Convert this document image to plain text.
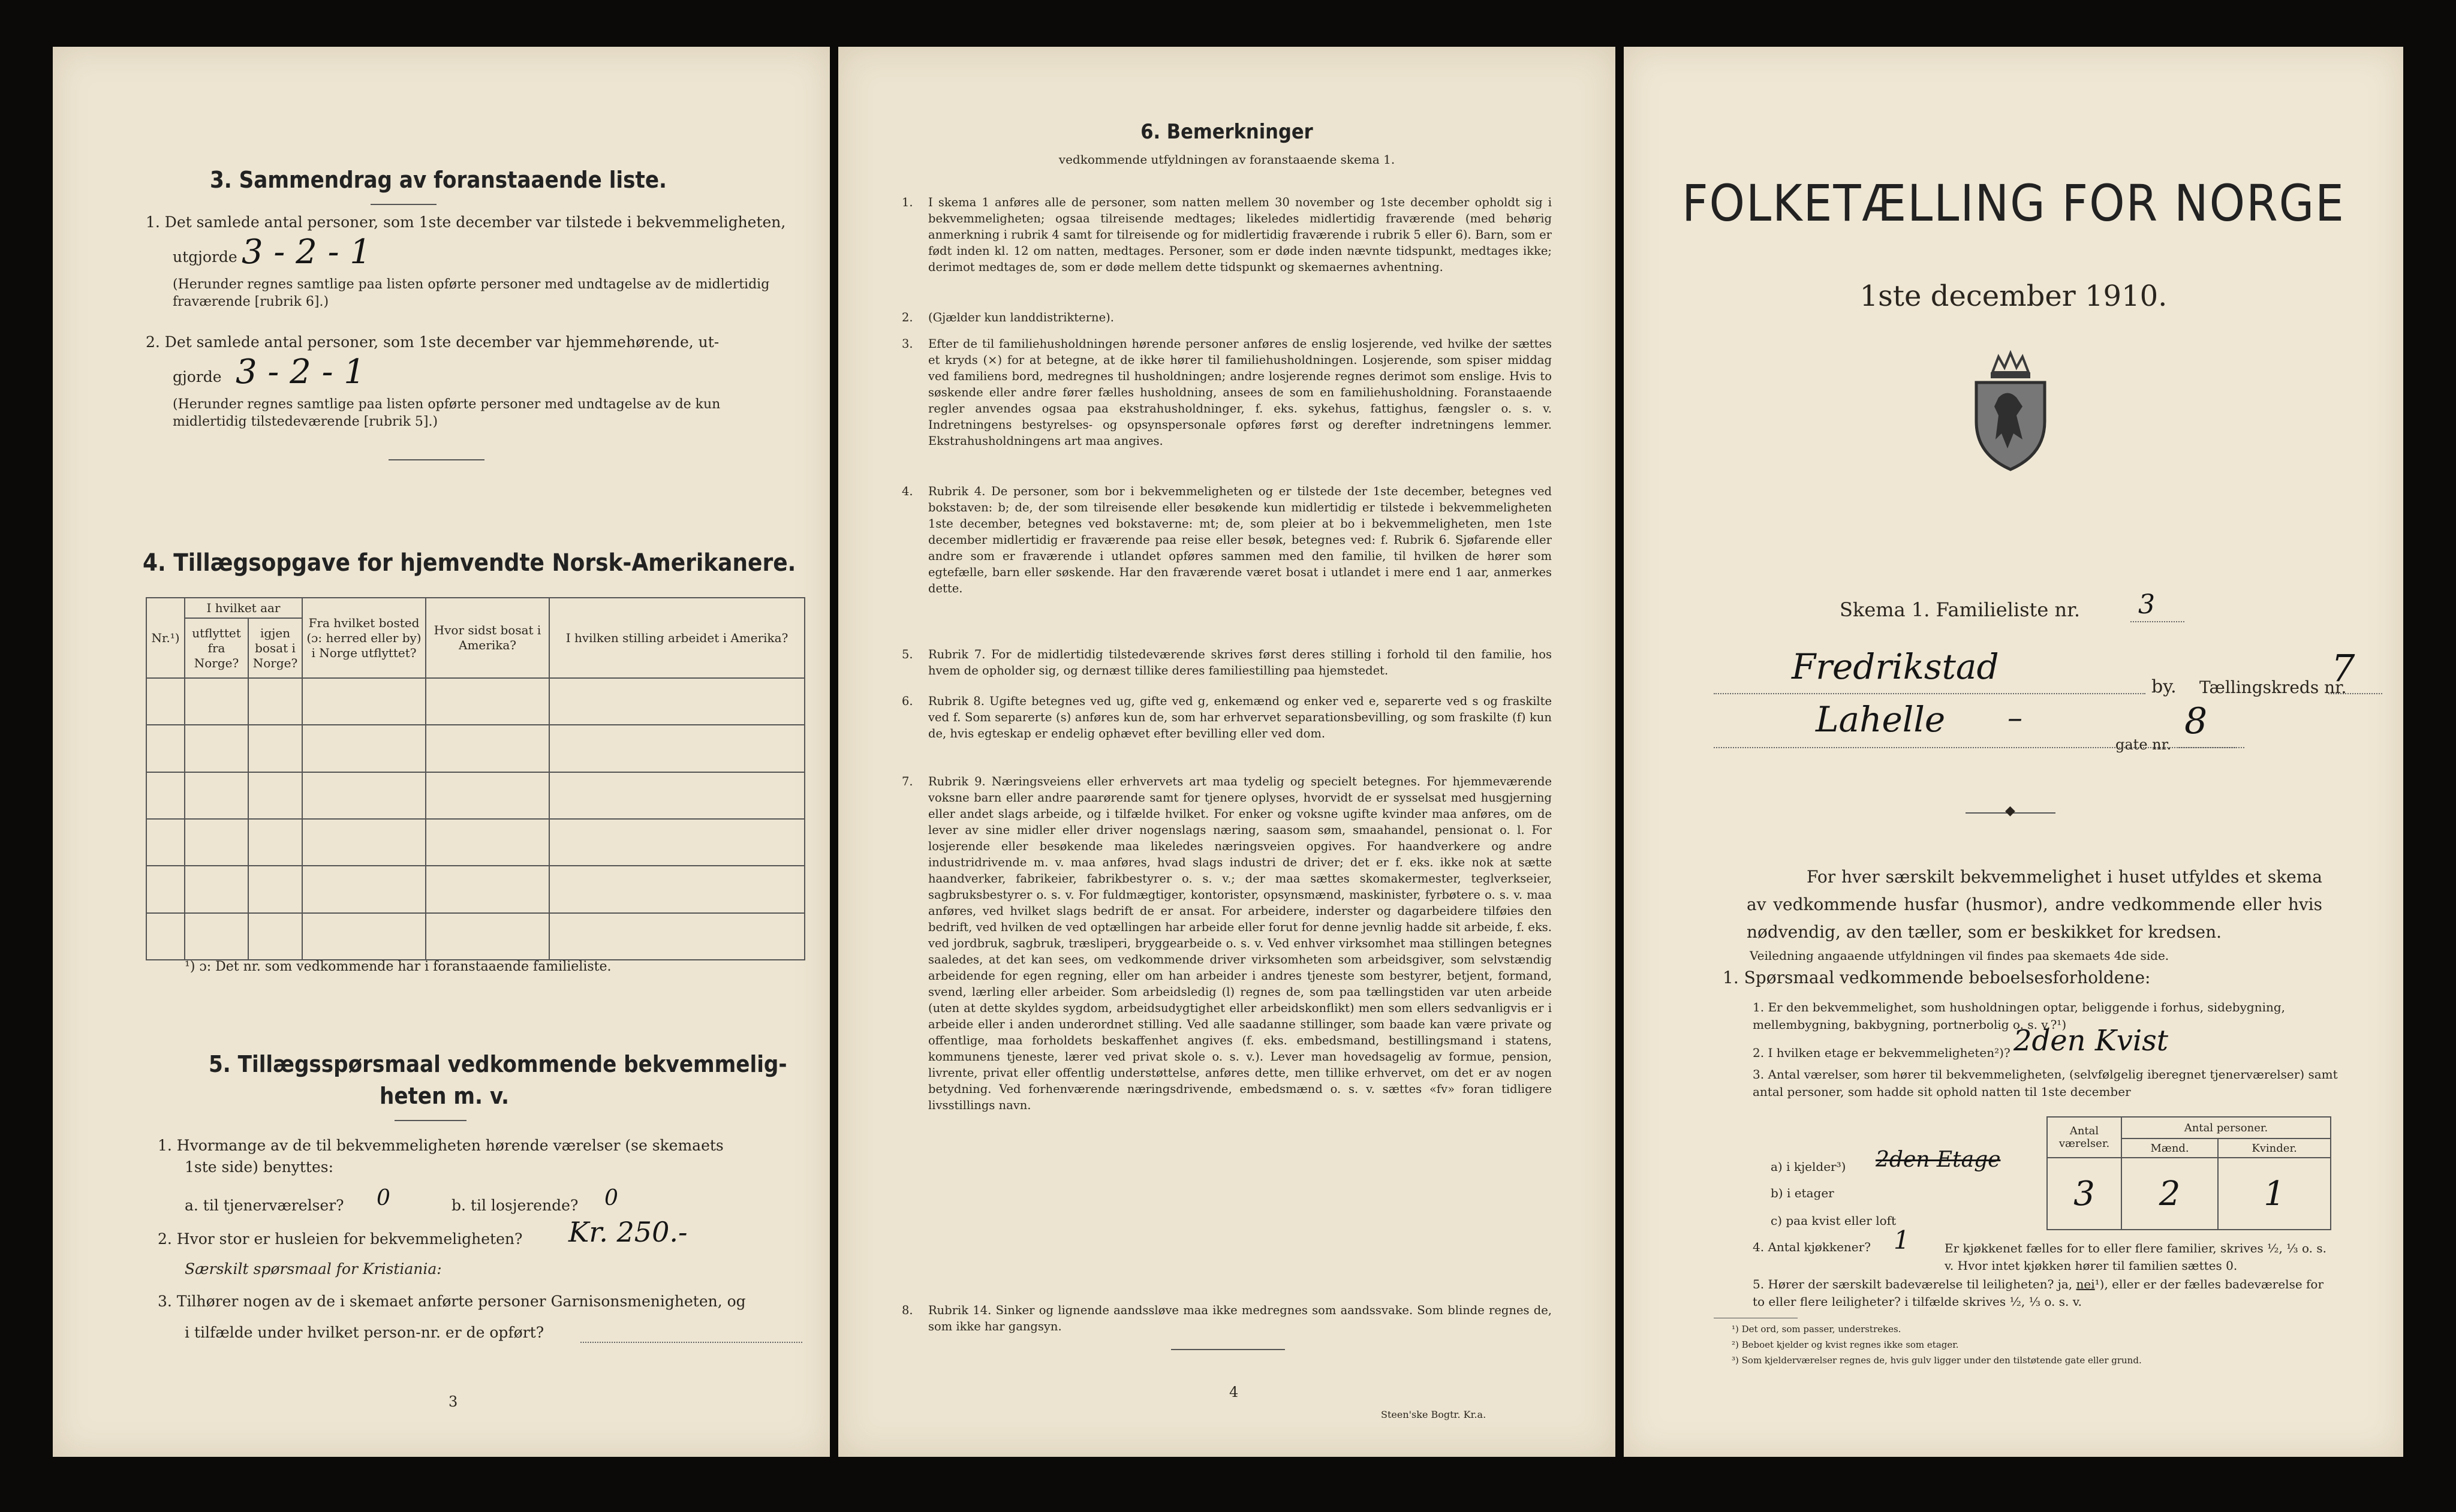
3. Sammendrag av foranstaaende liste.
1. Det samlede antal personer, som 1ste december var tilstede i bekvemmeligheten,
utgjorde 3 - 2 - 1
(Herunder regnes samtlige paa listen opførte personer med undtagelse av de midlertidig fraværende [rubrik 6].)
2. Det samlede antal personer, som 1ste december var hjemmehørende, ut-
gjorde 3 - 2 - 1
(Herunder regnes samtlige paa listen opførte personer med undtagelse av de kun midlertidig tilstedeværende [rubrik 5].)
4. Tillægsopgave for hjemvendte Norsk-Amerikanere.
Nr.¹)	I hvilket aar		Fra hvilket bosted (ɔ: herred eller by) i Norge utflyttet?	Hvor sidst bosat i Amerika?	I hvilken stilling arbeidet i Amerika?
	utflyttet fra Norge?	igjen bosat i Norge?			

¹) ɔ: Det nr. som vedkommende har i foranstaaende familieliste.
5. Tillægsspørsmaal vedkommende bekvemmelig-
heten m. v.
1. Hvormange av de til bekvemmeligheten hørende værelser (se skemaets
1ste side) benyttes:
a. til tjenerværelser? 0	b. til losjerende? 0
2. Hvor stor er husleien for bekvemmeligheten? Kr. 250.-
Særskilt spørsmaal for Kristiania:
3. Tilhører nogen av de i skemaet anførte personer Garnisonsmenigheten, og
i tilfælde under hvilket person-nr. er de opført?
3
6. Bemerkninger
vedkommende utfyldningen av foranstaaende skema 1.
1. I skema 1 anføres alle de personer, som natten mellem 30 november og 1ste december opholdt sig i bekvemmeligheten; ogsaa tilreisende medtages; likeledes midlertidig fraværende (med behørig anmerkning i rubrik 4 samt for tilreisende og for midlertidig fraværende i rubrik 5 eller 6). Barn, som er født inden kl. 12 om natten, medtages. Personer, som er døde inden nævnte tidspunkt, medtages ikke; derimot medtages de, som er døde mellem dette tidspunkt og skemaernes avhentning.
2. (Gjælder kun landdistrikterne).
3. Efter de til familiehusholdningen hørende personer anføres de enslig losjerende, ved hvilke der sættes et kryds (×) for at betegne, at de ikke hører til familiehusholdningen. Losjerende, som spiser middag ved familiens bord, medregnes til husholdningen; andre losjerende regnes derimot som enslige. Hvis to søskende eller andre fører fælles husholdning, ansees de som en familiehusholdning. Foranstaaende regler anvendes ogsaa paa ekstrahusholdninger, f. eks. sykehus, fattighus, fængsler o. s. v. Indretningens bestyrelses- og opsynspersonale opføres først og derefter indretningens lemmer. Ekstrahusholdningens art maa angives.
4. Rubrik 4. De personer, som bor i bekvemmeligheten og er tilstede der 1ste december, betegnes ved bokstaven: b; de, der som tilreisende eller besøkende kun midlertidig er tilstede i bekvemmeligheten 1ste december, betegnes ved bokstaverne: mt; de, som pleier at bo i bekvemmeligheten, men 1ste december midlertidig er fraværende paa reise eller besøk, betegnes ved: f. Rubrik 6. Sjøfarende eller andre som er fraværende i utlandet opføres sammen med den familie, til hvilken de hører som egtefælle, barn eller søskende. Har den fraværende været bosat i utlandet i mere end 1 aar, anmerkes dette.
5. Rubrik 7. For de midlertidig tilstedeværende skrives først deres stilling i forhold til den familie, hos hvem de opholder sig, og dernæst tillike deres familiestilling paa hjemstedet.
6. Rubrik 8. Ugifte betegnes ved ug, gifte ved g, enkemænd og enker ved e, separerte ved s og fraskilte ved f. Som separerte (s) anføres kun de, som har erhvervet separationsbevilling, og som fraskilte (f) kun de, hvis egteskap er endelig ophævet efter bevilling eller ved dom.
7. Rubrik 9. Næringsveiens eller erhvervets art maa tydelig og specielt betegnes. For hjemmeværende voksne barn eller andre paarørende samt for tjenere oplyses, hvorvidt de er sysselsat med husgjerning eller andet slags arbeide, og i tilfælde hvilket. For enker og voksne ugifte kvinder maa anføres, om de lever av sine midler eller driver nogenslags næring, saasom søm, smaahandel, pensionat o. l. For losjerende eller besøkende maa likeledes næringsveien opgives. For haandverkere og andre industridrivende m. v. maa anføres, hvad slags industri de driver; det er f. eks. ikke nok at sætte haandverker, fabrikeier, fabrikbestyrer o. s. v.; der maa sættes skomakermester, teglverkseier, sagbruksbestyrer o. s. v. For fuldmægtiger, kontorister, opsynsmænd, maskinister, fyrbøtere o. s. v. maa anføres, ved hvilket slags bedrift de er ansat. For arbeidere, inderster og dagarbeidere tilføies den bedrift, ved hvilken de ved optællingen har arbeide eller forut for denne jevnlig hadde sit arbeide, f. eks. ved jordbruk, sagbruk, træsliperi, bryggearbeide o. s. v. Ved enhver virksomhet maa stillingen betegnes saaledes, at det kan sees, om vedkommende driver virksomheten som arbeidsgiver, som selvstændig arbeidende for egen regning, eller om han arbeider i andres tjeneste som bestyrer, betjent, formand, svend, lærling eller arbeider. Som arbeidsledig (l) regnes de, som paa tællingstiden var uten arbeide (uten at dette skyldes sygdom, arbeidsudygtighet eller arbeidskonflikt) men som ellers sedvanligvis er i arbeide eller i anden underordnet stilling. Ved alle saadanne stillinger, som baade kan være private og offentlige, maa forholdets beskaffenhet angives (f. eks. embedsmand, bestillingsmand i statens, kommunens tjeneste, lærer ved privat skole o. s. v.). Lever man hovedsagelig av formue, pension, livrente, privat eller offentlig understøttelse, anføres dette, men tillike erhvervet, om det er av nogen betydning. Ved forhenværende næringsdrivende, embedsmænd o. s. v. sættes «fv» foran tidligere livsstillings navn.
8. Rubrik 14. Sinker og lignende aandssløve maa ikke medregnes som aandssvake. Som blinde regnes de, som ikke har gangsyn.
4
Steen'ske Bogtr. Kr.a.
FOLKETÆLLING FOR NORGE
1ste december 1910.
Skema 1. Familieliste nr. 3
Fredrikstad	by. Tællingskreds nr.
7
Lahelle –
gate nr.
8
◆
For hver særskilt bekvemmelighet i huset utfyldes et skema av vedkommende husfar (husmor), andre vedkommende eller hvis nødvendig, av den tæller, som er beskikket for kredsen.
Veiledning angaaende utfyldningen vil findes paa skemaets 4de side.
1. Spørsmaal vedkommende beboelsesforholdene:
1. Er den bekvemmelighet, som husholdningen optar, beliggende i forhus, sidebygning, mellembygning, bakbygning, portnerbolig o. s. v.?¹)
2. I hvilken etage er bekvemmeligheten²)? 2den Kvist
3. Antal værelser, som hører til bekvemmeligheten, (selvfølgelig iberegnet tjenerværelser) samt antal personer, som hadde sit ophold natten til 1ste december
Antal værelser.	Antal personer.	
	Mænd.	Kvinder.
3	2	1
a) i kjelder³) 2den Etage
b) i etager
c) paa kvist eller loft
4. Antal kjøkkener? 1	Er kjøkkenet fælles for to eller flere familier, skrives ½, ⅓ o. s. v. Hvor intet kjøkken hører til familien sættes 0.
5. Hører der særskilt badeværelse til leiligheten? ja, nei¹), eller er der fælles badeværelse for to eller flere leiligheter? i tilfælde skrives ½, ⅓ o. s. v.
¹) Det ord, som passer, understrekes.
²) Beboet kjelder og kvist regnes ikke som etager.
³) Som kjelderværelser regnes de, hvis gulv ligger under den tilstøtende gate eller grund.
